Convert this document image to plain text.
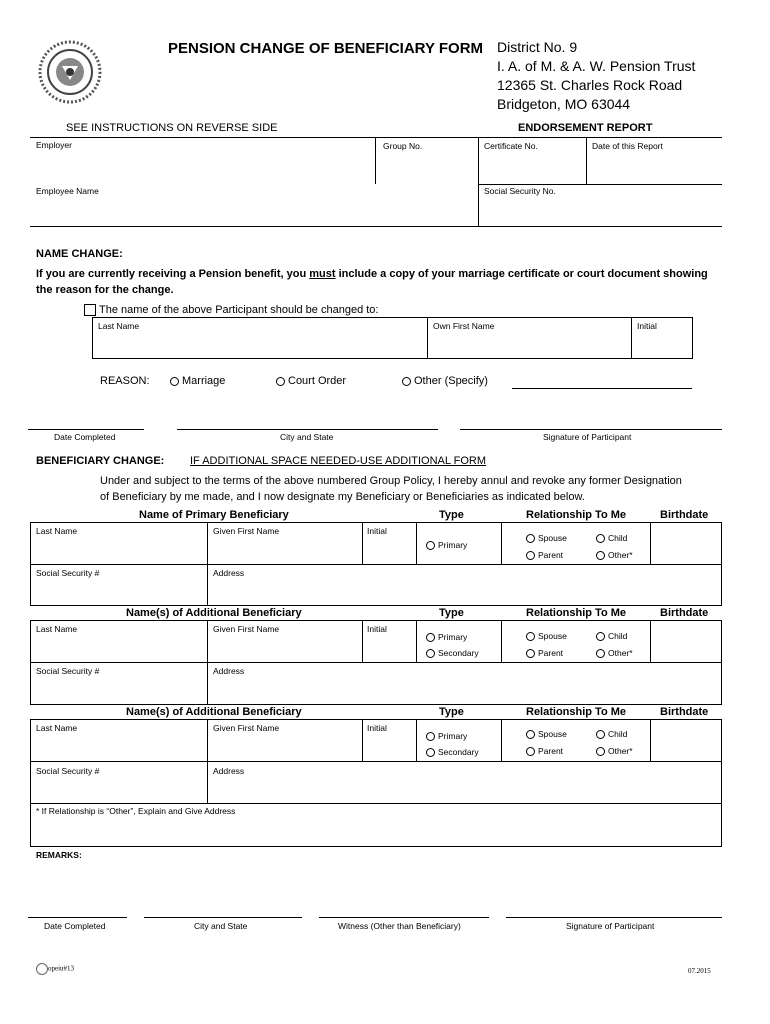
PENSION CHANGE OF BENEFICIARY FORM District No. 9
I. A. of M. & A. W. Pension Trust
12365 St. Charles Rock Road
Bridgeton, MO 63044
SEE INSTRUCTIONS ON REVERSE SIDE	ENDORSEMENT REPORT
Employer	Group No.	Certificate No.	Date of this Report
Employee Name	Social Security No.
NAME CHANGE:
If you are currently receiving a Pension benefit, you must include a copy of your marriage certificate or court document showing
the reason for the change.
The name of the above Participant should be changed to:
Last Name	Own First Name	Initial
REASON:	Marriage	Court Order	Other (Specify)
Date Completed	City and State	Signature of Participant
BENEFICIARY CHANGE: IF ADDITIONAL SPACE NEEDED-USE ADDITIONAL FORM
Under and subject to the terms of the above numbered Group Policy, I hereby annul and revoke any former Designation
of Beneficiary by me made, and I now designate my Beneficiary or Beneficiaries as indicated below.
Name of Primary Beneficiary	Type	Relationship To Me	Birthdate
Last Name	Given First Name	Initial
Primary
Spouse	Child
Parent	Other*
Social Security #	Address
Name(s) of Additional Beneficiary	Type	Relationship To Me	Birthdate
Last Name	Given First Name	Initial
Primary
Secondary
Spouse	Child
Parent	Other*
Social Security #	Address
Name(s) of Additional Beneficiary	Type	Relationship To Me	Birthdate
Last Name	Given First Name	Initial
Primary
Secondary
Spouse	Child
Parent	Other*
Social Security #	Address
* If Relationship is “Other”, Explain and Give Address
REMARKS:
Date Completed	City and State	Witness (Other than Beneficiary)	Signature of Participant
opeiu#13	07.2015
